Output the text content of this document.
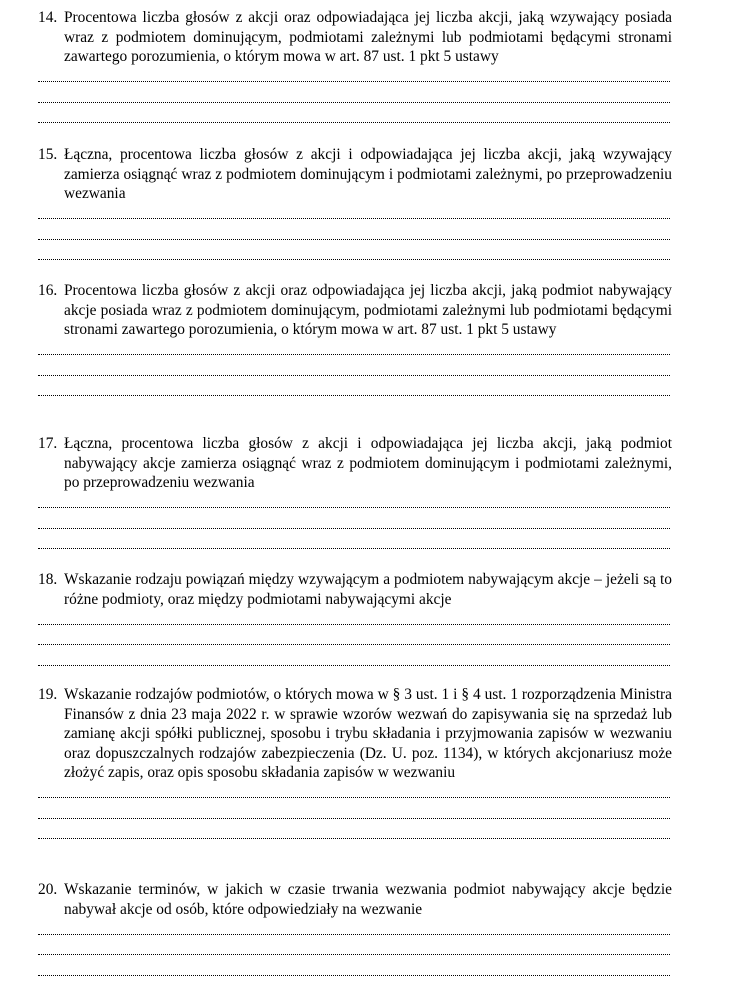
14. Procentowa liczba głosów z akcji oraz odpowiadająca jej liczba akcji, jaką wzywający posiada wraz z podmiotem dominującym, podmiotami zależnymi lub podmiotami będącymi stronami zawartego porozumienia, o którym mowa w art. 87 ust. 1 pkt 5 ustawy
15. Łączna, procentowa liczba głosów z akcji i odpowiadająca jej liczba akcji, jaką wzywający zamierza osiągnąć wraz z podmiotem dominującym i podmiotami zależnymi, po przeprowadzeniu wezwania
16. Procentowa liczba głosów z akcji oraz odpowiadająca jej liczba akcji, jaką podmiot nabywający akcje posiada wraz z podmiotem dominującym, podmiotami zależnymi lub podmiotami będącymi stronami zawartego porozumienia, o którym mowa w art. 87 ust. 1 pkt 5 ustawy
17. Łączna, procentowa liczba głosów z akcji i odpowiadająca jej liczba akcji, jaką podmiot nabywający akcje zamierza osiągnąć wraz z podmiotem dominującym i podmiotami zależnymi, po przeprowadzeniu wezwania
18. Wskazanie rodzaju powiązań między wzywającym a podmiotem nabywającym akcje – jeżeli są to różne podmioty, oraz między podmiotami nabywającymi akcje
19. Wskazanie rodzajów podmiotów, o których mowa w § 3 ust. 1 i § 4 ust. 1 rozporządzenia Ministra Finansów z dnia 23 maja 2022 r. w sprawie wzorów wezwań do zapisywania się na sprzedaż lub zamianę akcji spółki publicznej, sposobu i trybu składania i przyjmowania zapisów w wezwaniu oraz dopuszczalnych rodzajów zabezpieczenia (Dz. U. poz. 1134), w których akcjonariusz może złożyć zapis, oraz opis sposobu składania zapisów w wezwaniu
20. Wskazanie terminów, w jakich w czasie trwania wezwania podmiot nabywający akcje będzie nabywał akcje od osób, które odpowiedziały na wezwanie
